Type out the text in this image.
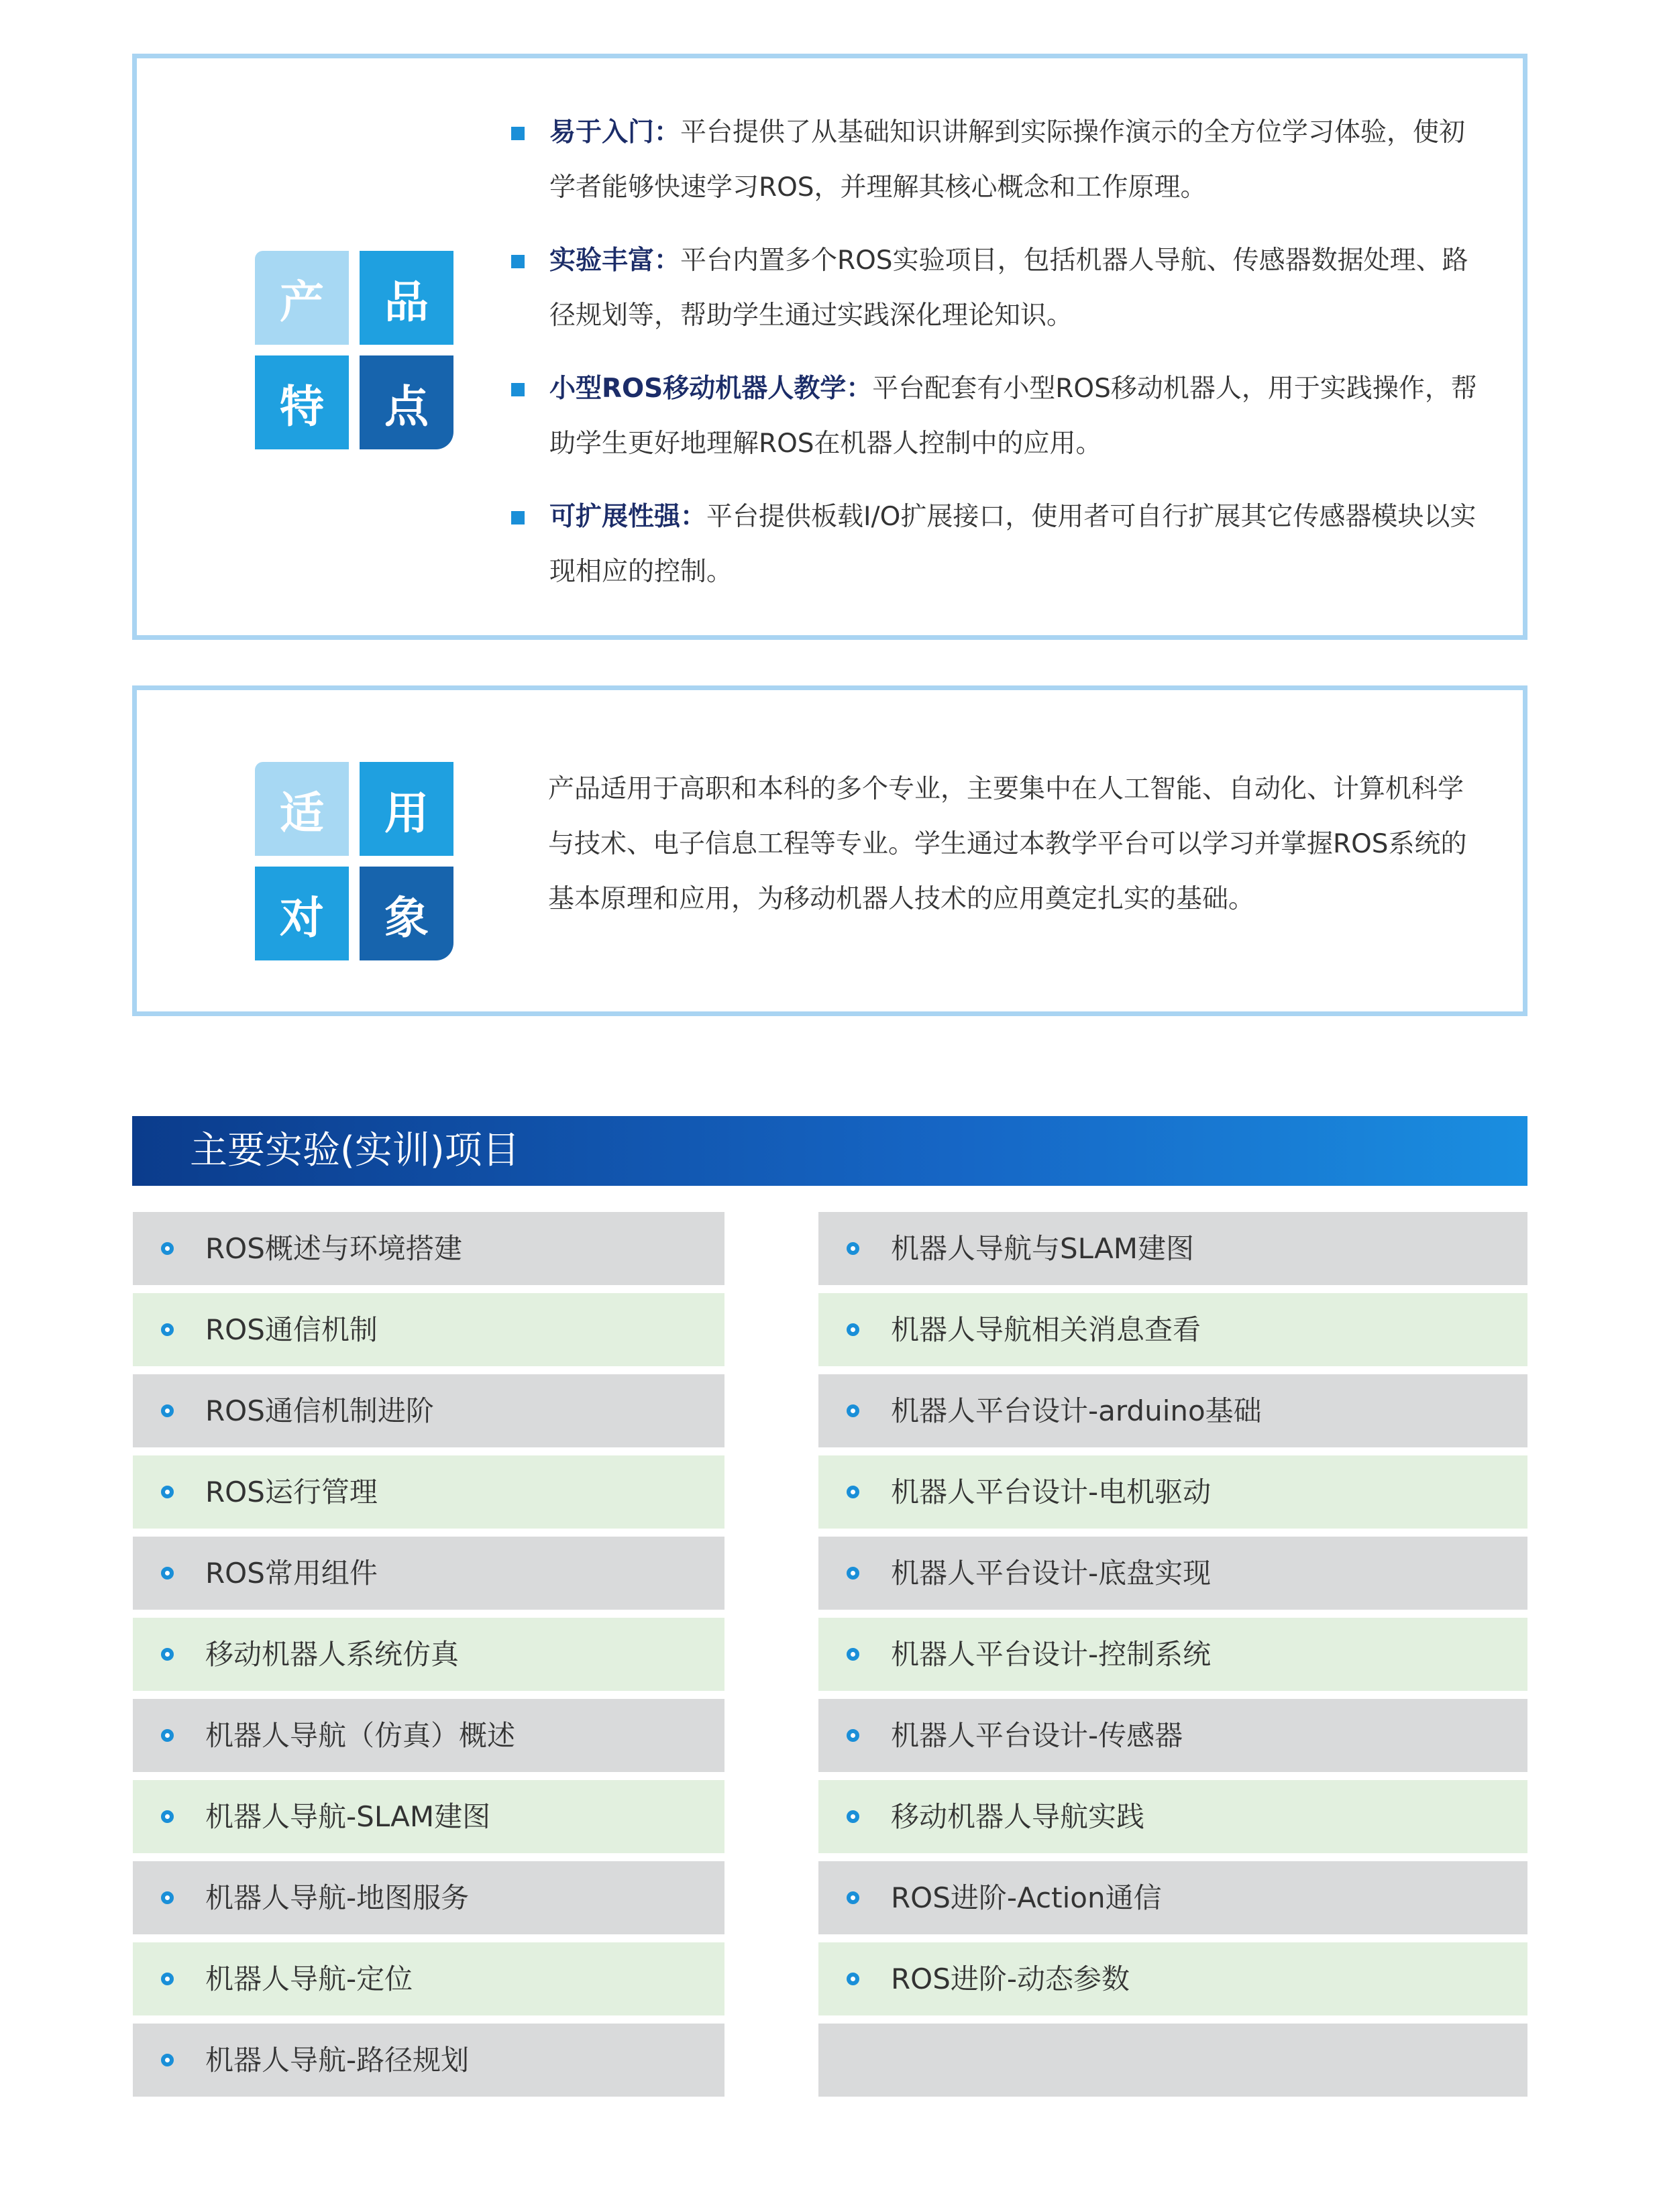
产	品
特	点
易于入门：平台提供了从基础知识讲解到实际操作演示的全方位学习体验，使初学者能够快速学习ROS，并理解其核心概念和工作原理。
实验丰富：平台内置多个ROS实验项目，包括机器人导航、传感器数据处理、路径规划等，帮助学生通过实践深化理论知识。
小型ROS移动机器人教学：平台配套有小型ROS移动机器人，用于实践操作，帮助学生更好地理解ROS在机器人控制中的应用。
可扩展性强：平台提供板载I/O扩展接口，使用者可自行扩展其它传感器模块以实现相应的控制。
适	用
对	象
产品适用于高职和本科的多个专业，主要集中在人工智能、自动化、计算机科学与技术、电子信息工程等专业。学生通过本教学平台可以学习并掌握ROS系统的基本原理和应用，为移动机器人技术的应用奠定扎实的基础。
主要实验(实训)项目
ROS概述与环境搭建
ROS通信机制
ROS通信机制进阶
ROS运行管理
ROS常用组件
移动机器人系统仿真
机器人导航（仿真）概述
机器人导航-SLAM建图
机器人导航-地图服务
机器人导航-定位
机器人导航-路径规划
机器人导航与SLAM建图
机器人导航相关消息查看
机器人平台设计-arduino基础
机器人平台设计-电机驱动
机器人平台设计-底盘实现
机器人平台设计-控制系统
机器人平台设计-传感器
移动机器人导航实践
ROS进阶-Action通信
ROS进阶-动态参数
